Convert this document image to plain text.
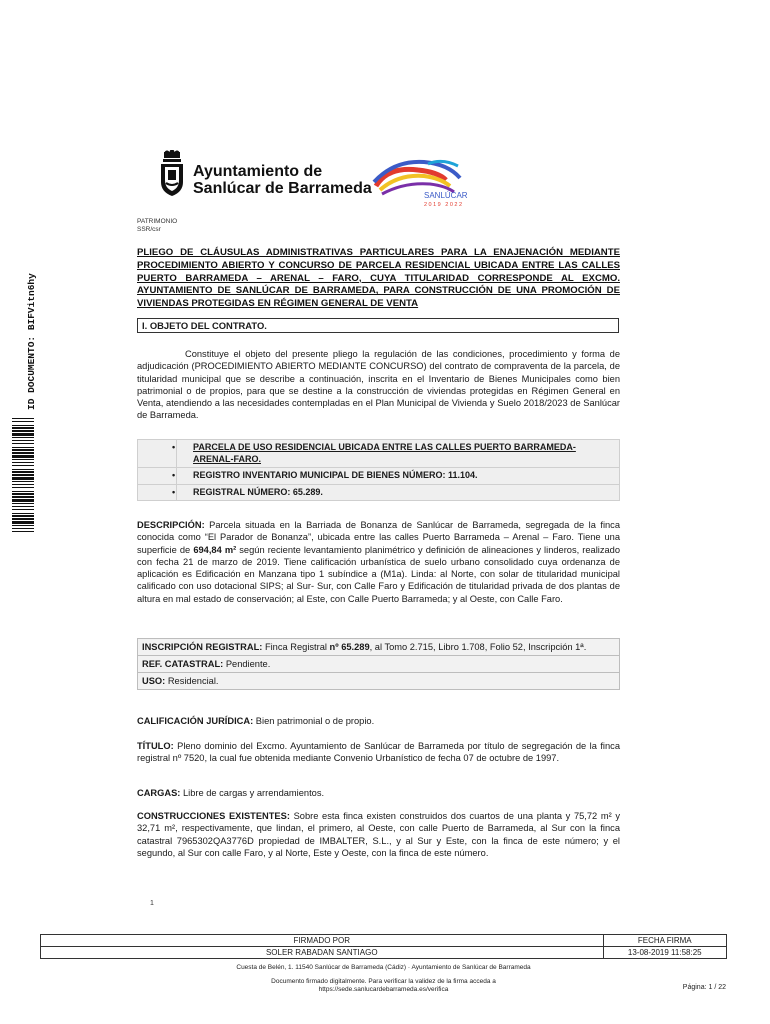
Ayuntamiento de
Sanlúcar de Barrameda	SANLÚCAR
2019 2022
PATRIMONIO
SSR/csr
PLIEGO DE CLÁUSULAS ADMINISTRATIVAS PARTICULARES PARA LA ENAJENACIÓN MEDIANTE PROCEDIMIENTO ABIERTO Y CONCURSO DE PARCELA RESIDENCIAL UBICADA ENTRE LAS CALLES PUERTO BARRAMEDA – ARENAL – FARO, CUYA TITULARIDAD CORRESPONDE AL EXCMO. AYUNTAMIENTO DE SANLÚCAR DE BARRAMEDA, PARA CONSTRUCCIÓN DE UNA PROMOCIÓN DE VIVIENDAS PROTEGIDAS EN RÉGIMEN GENERAL DE VENTA
I. OBJETO DEL CONTRATO.
Constituye el objeto del presente pliego la regulación de las condiciones, procedimiento y forma de adjudicación (PROCEDIMIENTO ABIERTO MEDIANTE CONCURSO) del contrato de compraventa de la parcela, de titularidad municipal que se describe a continuación, inscrita en el Inventario de Bienes Municipales como bien patrimonial o de propios, para que se destine a la construcción de viviendas protegidas en Régimen General en Venta, atendiendo a las necesidades contempladas en el Plan Municipal de Vivienda y Suelo 2018/2023 de Sanlúcar de Barrameda.
•	PARCELA DE USO RESIDENCIAL UBICADA ENTRE LAS CALLES PUERTO BARRAMEDA-ARENAL-FARO.
•	REGISTRO INVENTARIO MUNICIPAL DE BIENES NÚMERO: 11.104.
•	REGISTRAL NÚMERO: 65.289.
DESCRIPCIÓN: Parcela situada en la Barriada de Bonanza de Sanlúcar de Barrameda, segregada de la finca conocida como “El Parador de Bonanza”, ubicada entre las calles Puerto Barrameda – Arenal – Faro. Tiene una superficie de 694,84 m² según reciente levantamiento planimétrico y definición de alineaciones y linderos, realizado con fecha 21 de marzo de 2019. Tiene calificación urbanística de suelo urbano consolidado cuya ordenanza de aplicación es Edificación en Manzana tipo 1 subíndice a (M1a). Linda: al Norte, con solar de titularidad municipal calificado con uso dotacional SIPS; al Sur- Sur, con Calle Faro y Edificación de titularidad privada de dos plantas de altura en mal estado de conservación; al Este, con Calle Puerto Barrameda; y al Oeste, con Calle Faro.
INSCRIPCIÓN REGISTRAL: Finca Registral nº 65.289, al Tomo 2.715, Libro 1.708, Folio 52, Inscripción 1ª.
REF. CATASTRAL: Pendiente.
USO: Residencial.
CALIFICACIÓN JURÍDICA: Bien patrimonial o de propio.
TÍTULO: Pleno dominio del Excmo. Ayuntamiento de Sanlúcar de Barrameda por título de segregación de la finca registral nº 7520, la cual fue obtenida mediante Convenio Urbanístico de fecha 07 de octubre de 1997.
CARGAS: Libre de cargas y arrendamientos.
CONSTRUCCIONES EXISTENTES: Sobre esta finca existen construidos dos cuartos de una planta y 75,72 m² y 32,71 m², respectivamente, que lindan, el primero, al Oeste, con calle Puerto de Barrameda, al Sur con la finca catastral 7965302QA3776D propiedad de IMBALTER, S.L., y al Sur y Este, con la finca de este número; y el segundo, al Sur con calle Faro, y al Norte, Este y Oeste, con la finca de este número.
1
ID DOCUMENTO: BIFVitn6hy
FIRMADO POR	FECHA FIRMA
SOLER RABADAN SANTIAGO	13-08-2019 11:58:25
Cuesta de Belén, 1. 11540 Sanlúcar de Barrameda (Cádiz) · Ayuntamiento de Sanlúcar de Barrameda
Documento firmado digitalmente. Para verificar la validez de la firma acceda a
https://sede.sanlucardebarrameda.es/verifica	Página: 1 / 22
